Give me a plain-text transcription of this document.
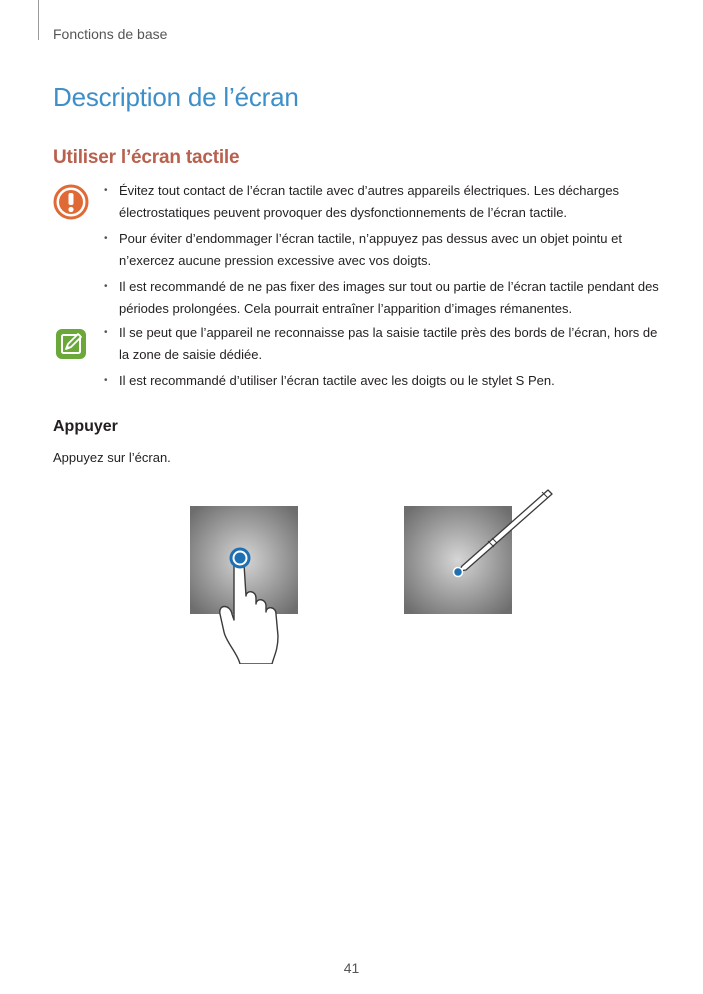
Fonctions de base
Description de l’écran
Utiliser l’écran tactile
• Évitez tout contact de l’écran tactile avec d’autres appareils électriques. Les décharges électrostatiques peuvent provoquer des dysfonctionnements de l’écran tactile.
• Pour éviter d’endommager l’écran tactile, n’appuyez pas dessus avec un objet pointu et n’exercez aucune pression excessive avec vos doigts.
• Il est recommandé de ne pas fixer des images sur tout ou partie de l’écran tactile pendant des périodes prolongées. Cela pourrait entraîner l’apparition d’images rémanentes.
• Il se peut que l’appareil ne reconnaisse pas la saisie tactile près des bords de l’écran, hors de la zone de saisie dédiée.
• Il est recommandé d’utiliser l’écran tactile avec les doigts ou le stylet S Pen.
Appuyer

Appuyez sur l’écran.

41
